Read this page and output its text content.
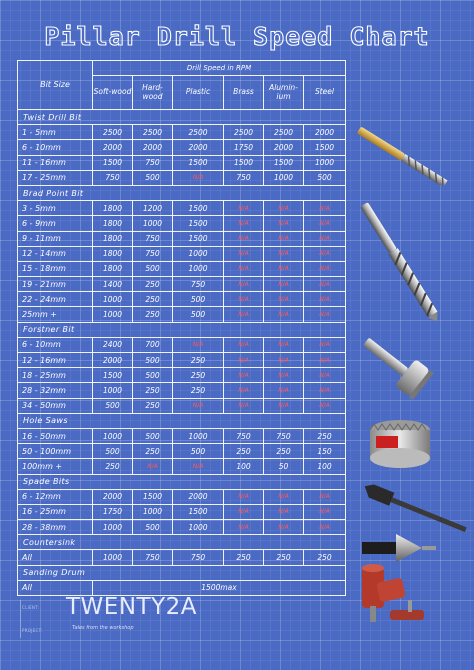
Pillar Drill Speed Chart
Bit Size	Drill Speed in RPM					
	Soft-wood	Hard-wood	Plastic	Brass	Alumin-ium	Steel
Twist Drill Bit						
1 - 5mm	2500	2500	2500	2500	2500	2000
6 - 10mm	2000	2000	2000	1750	2000	1500
11 - 16mm	1500	750	1500	1500	1500	1000
17 - 25mm	750	500	N/A	750	1000	500
Brad Point Bit						
3 - 5mm	1800	1200	1500	N/A	N/A	N/A
6 - 9mm	1800	1000	1500	N/A	N/A	N/A
9 - 11mm	1800	750	1500	N/A	N/A	N/A
12 - 14mm	1800	750	1000	N/A	N/A	N/A
15 - 18mm	1800	500	1000	N/A	N/A	N/A
19 - 21mm	1400	250	750	N/A	N/A	N/A
22 - 24mm	1000	250	500	N/A	N/A	N/A
25mm +	1000	250	500	N/A	N/A	N/A
Forstner Bit						
6 - 10mm	2400	700	N/A	N/A	N/A	N/A
12 - 16mm	2000	500	250	N/A	N/A	N/A
18 - 25mm	1500	500	250	N/A	N/A	N/A
28 - 32mm	1000	250	250	N/A	N/A	N/A
34 - 50mm	500	250	N/A	N/A	N/A	N/A
Hole Saws						
16 - 50mm	1000	500	1000	750	750	250
50 - 100mm	500	250	500	250	250	150
100mm +	250	N/A	N/A	100	50	100
Spade Bits						
6 - 12mm	2000	1500	2000	N/A	N/A	N/A
16 - 25mm	1750	1000	1500	N/A	N/A	N/A
28 - 38mm	1000	500	1000	N/A	N/A	N/A
Countersink						
All	1000	750	750	250	250	250
Sanding Drum						
All	1500max					
CLIENT:
PROJECT:
TWENTY2A
Tales from the workshop
